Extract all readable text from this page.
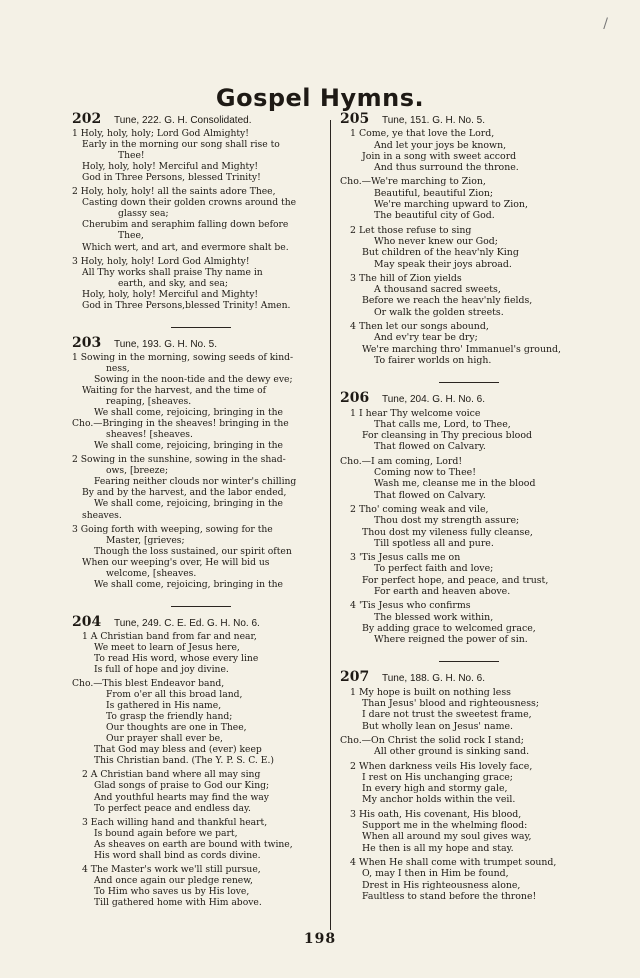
/
Gospel Hymns.
202	Tune, 222. G. H. Consolidated.
1 Holy, holy, holy; Lord God Almighty!
Early in the morning our song shall rise to
Thee!
Holy, holy, holy! Merciful and Mighty!
God in Three Persons, blessed Trinity!
2 Holy, holy, holy! all the saints adore Thee,
Casting down their golden crowns around the
glassy sea;
Cherubim and seraphim falling down before
Thee,
Which wert, and art, and evermore shalt be.
3 Holy, holy, holy! Lord God Almighty!
All Thy works shall praise Thy name in
earth, and sky, and sea;
Holy, holy, holy! Merciful and Mighty!
God in Three Persons,blessed Trinity! Amen.
203	Tune, 193. G. H. No. 5.
1 Sowing in the morning, sowing seeds of kind-
ness,
Sowing in the noon-tide and the dewy eve;
Waiting for the harvest, and the time of
reaping, [sheaves.
We shall come, rejoicing, bringing in the
Cho.—Bringing in the sheaves! bringing in the
sheaves! [sheaves.
We shall come, rejoicing, bringing in the
2 Sowing in the sunshine, sowing in the shad-
ows, [breeze;
Fearing neither clouds nor winter's chilling
By and by the harvest, and the labor ended,
We shall come, rejoicing, bringing in the
sheaves.
3 Going forth with weeping, sowing for the
Master, [grieves;
Though the loss sustained, our spirit often
When our weeping's over, He will bid us
welcome, [sheaves.
We shall come, rejoicing, bringing in the
204	Tune, 249. C. E. Ed. G. H. No. 6.
1 A Christian band from far and near,
We meet to learn of Jesus here,
To read His word, whose every line
Is full of hope and joy divine.
Cho.—This blest Endeavor band,
From o'er all this broad land,
Is gathered in His name,
To grasp the friendly hand;
Our thoughts are one in Thee,
Our prayer shall ever be,
That God may bless and (ever) keep
This Christian band. (The Y. P. S. C. E.)
2 A Christian band where all may sing
Glad songs of praise to God our King;
And youthful hearts may find the way
To perfect peace and endless day.
3 Each willing hand and thankful heart,
Is bound again before we part,
As sheaves on earth are bound with twine,
His word shall bind as cords divine.
4 The Master's work we'll still pursue,
And once again our pledge renew,
To Him who saves us by His love,
Till gathered home with Him above.
205	Tune, 151. G. H. No. 5.
1 Come, ye that love the Lord,
And let your joys be known,
Join in a song with sweet accord
And thus surround the throne.
Cho.—We're marching to Zion,
Beautiful, beautiful Zion;
We're marching upward to Zion,
The beautiful city of God.
2 Let those refuse to sing
Who never knew our God;
But children of the heav'nly King
May speak their joys abroad.
3 The hill of Zion yields
A thousand sacred sweets,
Before we reach the heav'nly fields,
Or walk the golden streets.
4 Then let our songs abound,
And ev'ry tear be dry;
We're marching thro' Immanuel's ground,
To fairer worlds on high.
206	Tune, 204. G. H. No. 6.
1 I hear Thy welcome voice
That calls me, Lord, to Thee,
For cleansing in Thy precious blood
That flowed on Calvary.
Cho.—I am coming, Lord!
Coming now to Thee!
Wash me, cleanse me in the blood
That flowed on Calvary.
2 Tho' coming weak and vile,
Thou dost my strength assure;
Thou dost my vileness fully cleanse,
Till spotless all and pure.
3 'Tis Jesus calls me on
To perfect faith and love;
For perfect hope, and peace, and trust,
For earth and heaven above.
4 'Tis Jesus who confirms
The blessed work within,
By adding grace to welcomed grace,
Where reigned the power of sin.
207	Tune, 188. G. H. No. 6.
1 My hope is built on nothing less
Than Jesus' blood and righteousness;
I dare not trust the sweetest frame,
But wholly lean on Jesus' name.
Cho.—On Christ the solid rock I stand;
All other ground is sinking sand.
2 When darkness veils His lovely face,
I rest on His unchanging grace;
In every high and stormy gale,
My anchor holds within the veil.
3 His oath, His covenant, His blood,
Support me in the whelming flood:
When all around my soul gives way,
He then is all my hope and stay.
4 When He shall come with trumpet sound,
O, may I then in Him be found,
Drest in His righteousness alone,
Faultless to stand before the throne!
198
